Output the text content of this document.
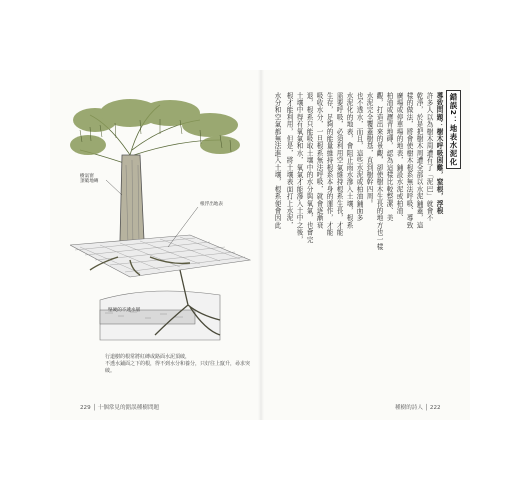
樹氣窗
頂破地磚
根浮出地表
堅硬的不透水層
行道樹的根常將紅磚或路面水泥頂破，
不透水鋪面之下的根，得不到水分和養分，只好往上竄升，尋求突破。
229 │ 十個常見的錯誤種樹問題
錯誤2：地表水泥化
導致問題：樹木呼吸困難，窒根，浮根
許多人以為樹木周遭有了「泥巴」就會不
乾淨，於是把樹木周遭全部以水泥鋪蓋，這
樣的做法，將會使樹木根系無法呼吸、導致
廣場或停車場的地表，鋪設水泥或柏油、
柏油或瀝青地磚，認為這樣比較整潔、美
觀，打造出來的景觀，卻使樹木生長的地方也一樣
水泥完全覆蓋樹基，直到樹幹四周。
也不透水，而且，這些水泥或柏油鋪面多
水泥化的地表，會阻止雨水滲入土壤，根系
需要呼吸，必須利用空氣維持根系生長，才能
生存，足夠的能量維持根系本身的運作，才能
吸收水分，一旦根系無法呼吸，就會逐漸衰
退，根系只能吸取土壤中的水分與氧氣，也會完
土壤中得有氧氣和水，氧氣才能滲入土中之後，
根才能利用，但是，將土壤表面打上水泥，
水分和空氣都無法進入土壤，根系便會因此
種樹的詩人 │ 222
